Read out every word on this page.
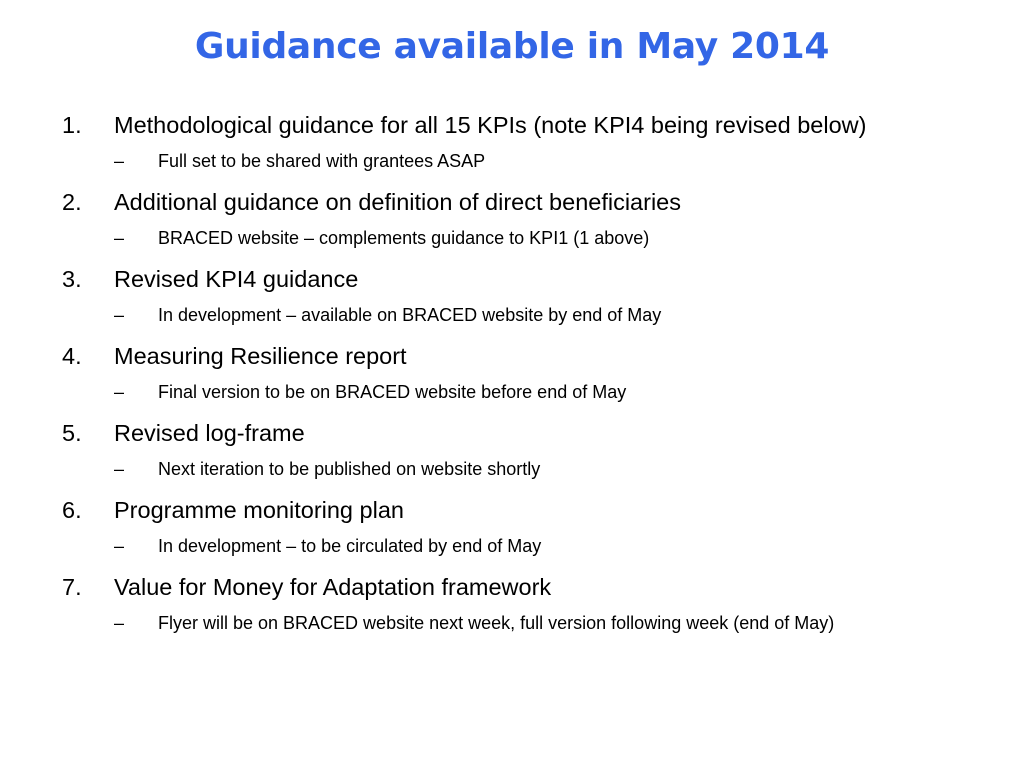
Guidance available in May 2014
1.	Methodological guidance for all 15 KPIs (note KPI4 being revised below)
–	Full set to be shared with grantees ASAP
2.	Additional guidance on definition of direct beneficiaries
–	BRACED website – complements guidance to KPI1 (1 above)
3.	Revised KPI4 guidance
–	In development – available on BRACED website by end of May
4.	Measuring Resilience report
–	Final version to be on BRACED website before end of May
5.	Revised log-frame
–	Next iteration to be published on website shortly
6.	Programme monitoring plan
–	In development – to be circulated by end of May
7.	Value for Money for Adaptation framework
–	Flyer will be on BRACED website next week, full version following week (end of May)
